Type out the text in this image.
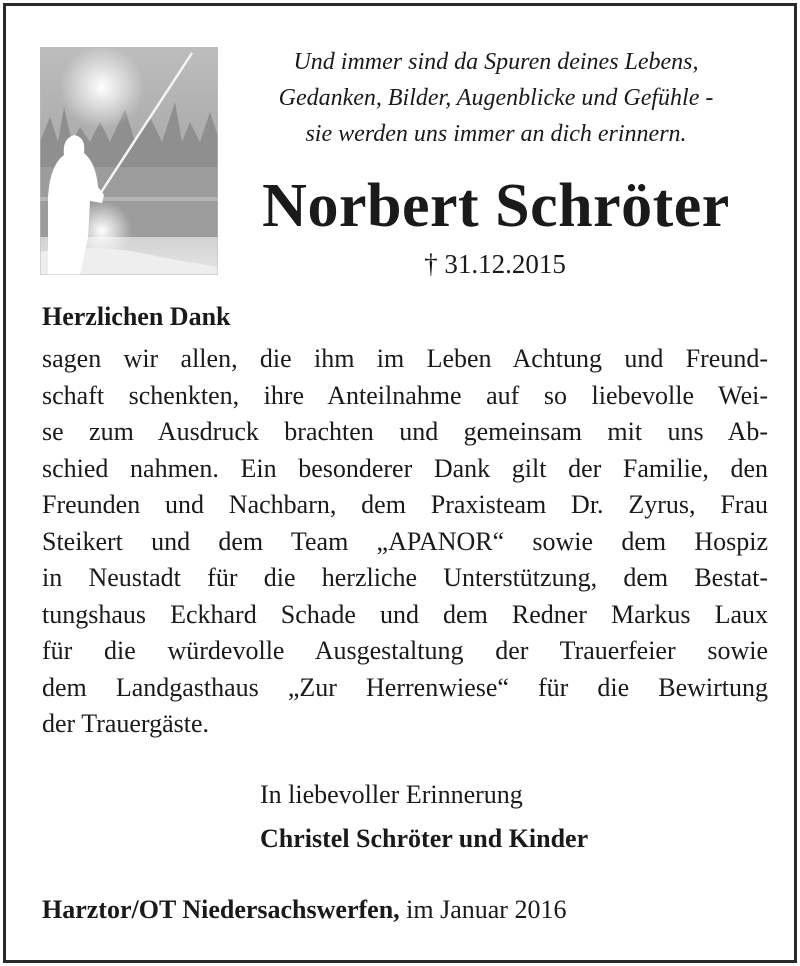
Und immer sind da Spuren deines Lebens,
Gedanken, Bilder, Augenblicke und Gefühle -
sie werden uns immer an dich erinnern.
Norbert Schröter
† 31.12.2015
Herzlichen Dank
sagen wir allen, die ihm im Leben Achtung und Freund-
schaft schenkten, ihre Anteilnahme auf so liebevolle Wei-
se zum Ausdruck brachten und gemeinsam mit uns Ab-
schied nahmen. Ein besonderer Dank gilt der Familie, den
Freunden und Nachbarn, dem Praxisteam Dr. Zyrus, Frau
Steikert und dem Team „APANOR“ sowie dem Hospiz
in Neustadt für die herzliche Unterstützung, dem Bestat-
tungshaus Eckhard Schade und dem Redner Markus Laux
für die würdevolle Ausgestaltung der Trauerfeier sowie
dem Landgasthaus „Zur Herrenwiese“ für die Bewirtung
der Trauergäste.
In liebevoller Erinnerung
Christel Schröter und Kinder
Harztor/OT Niedersachswerfen, im Januar 2016
